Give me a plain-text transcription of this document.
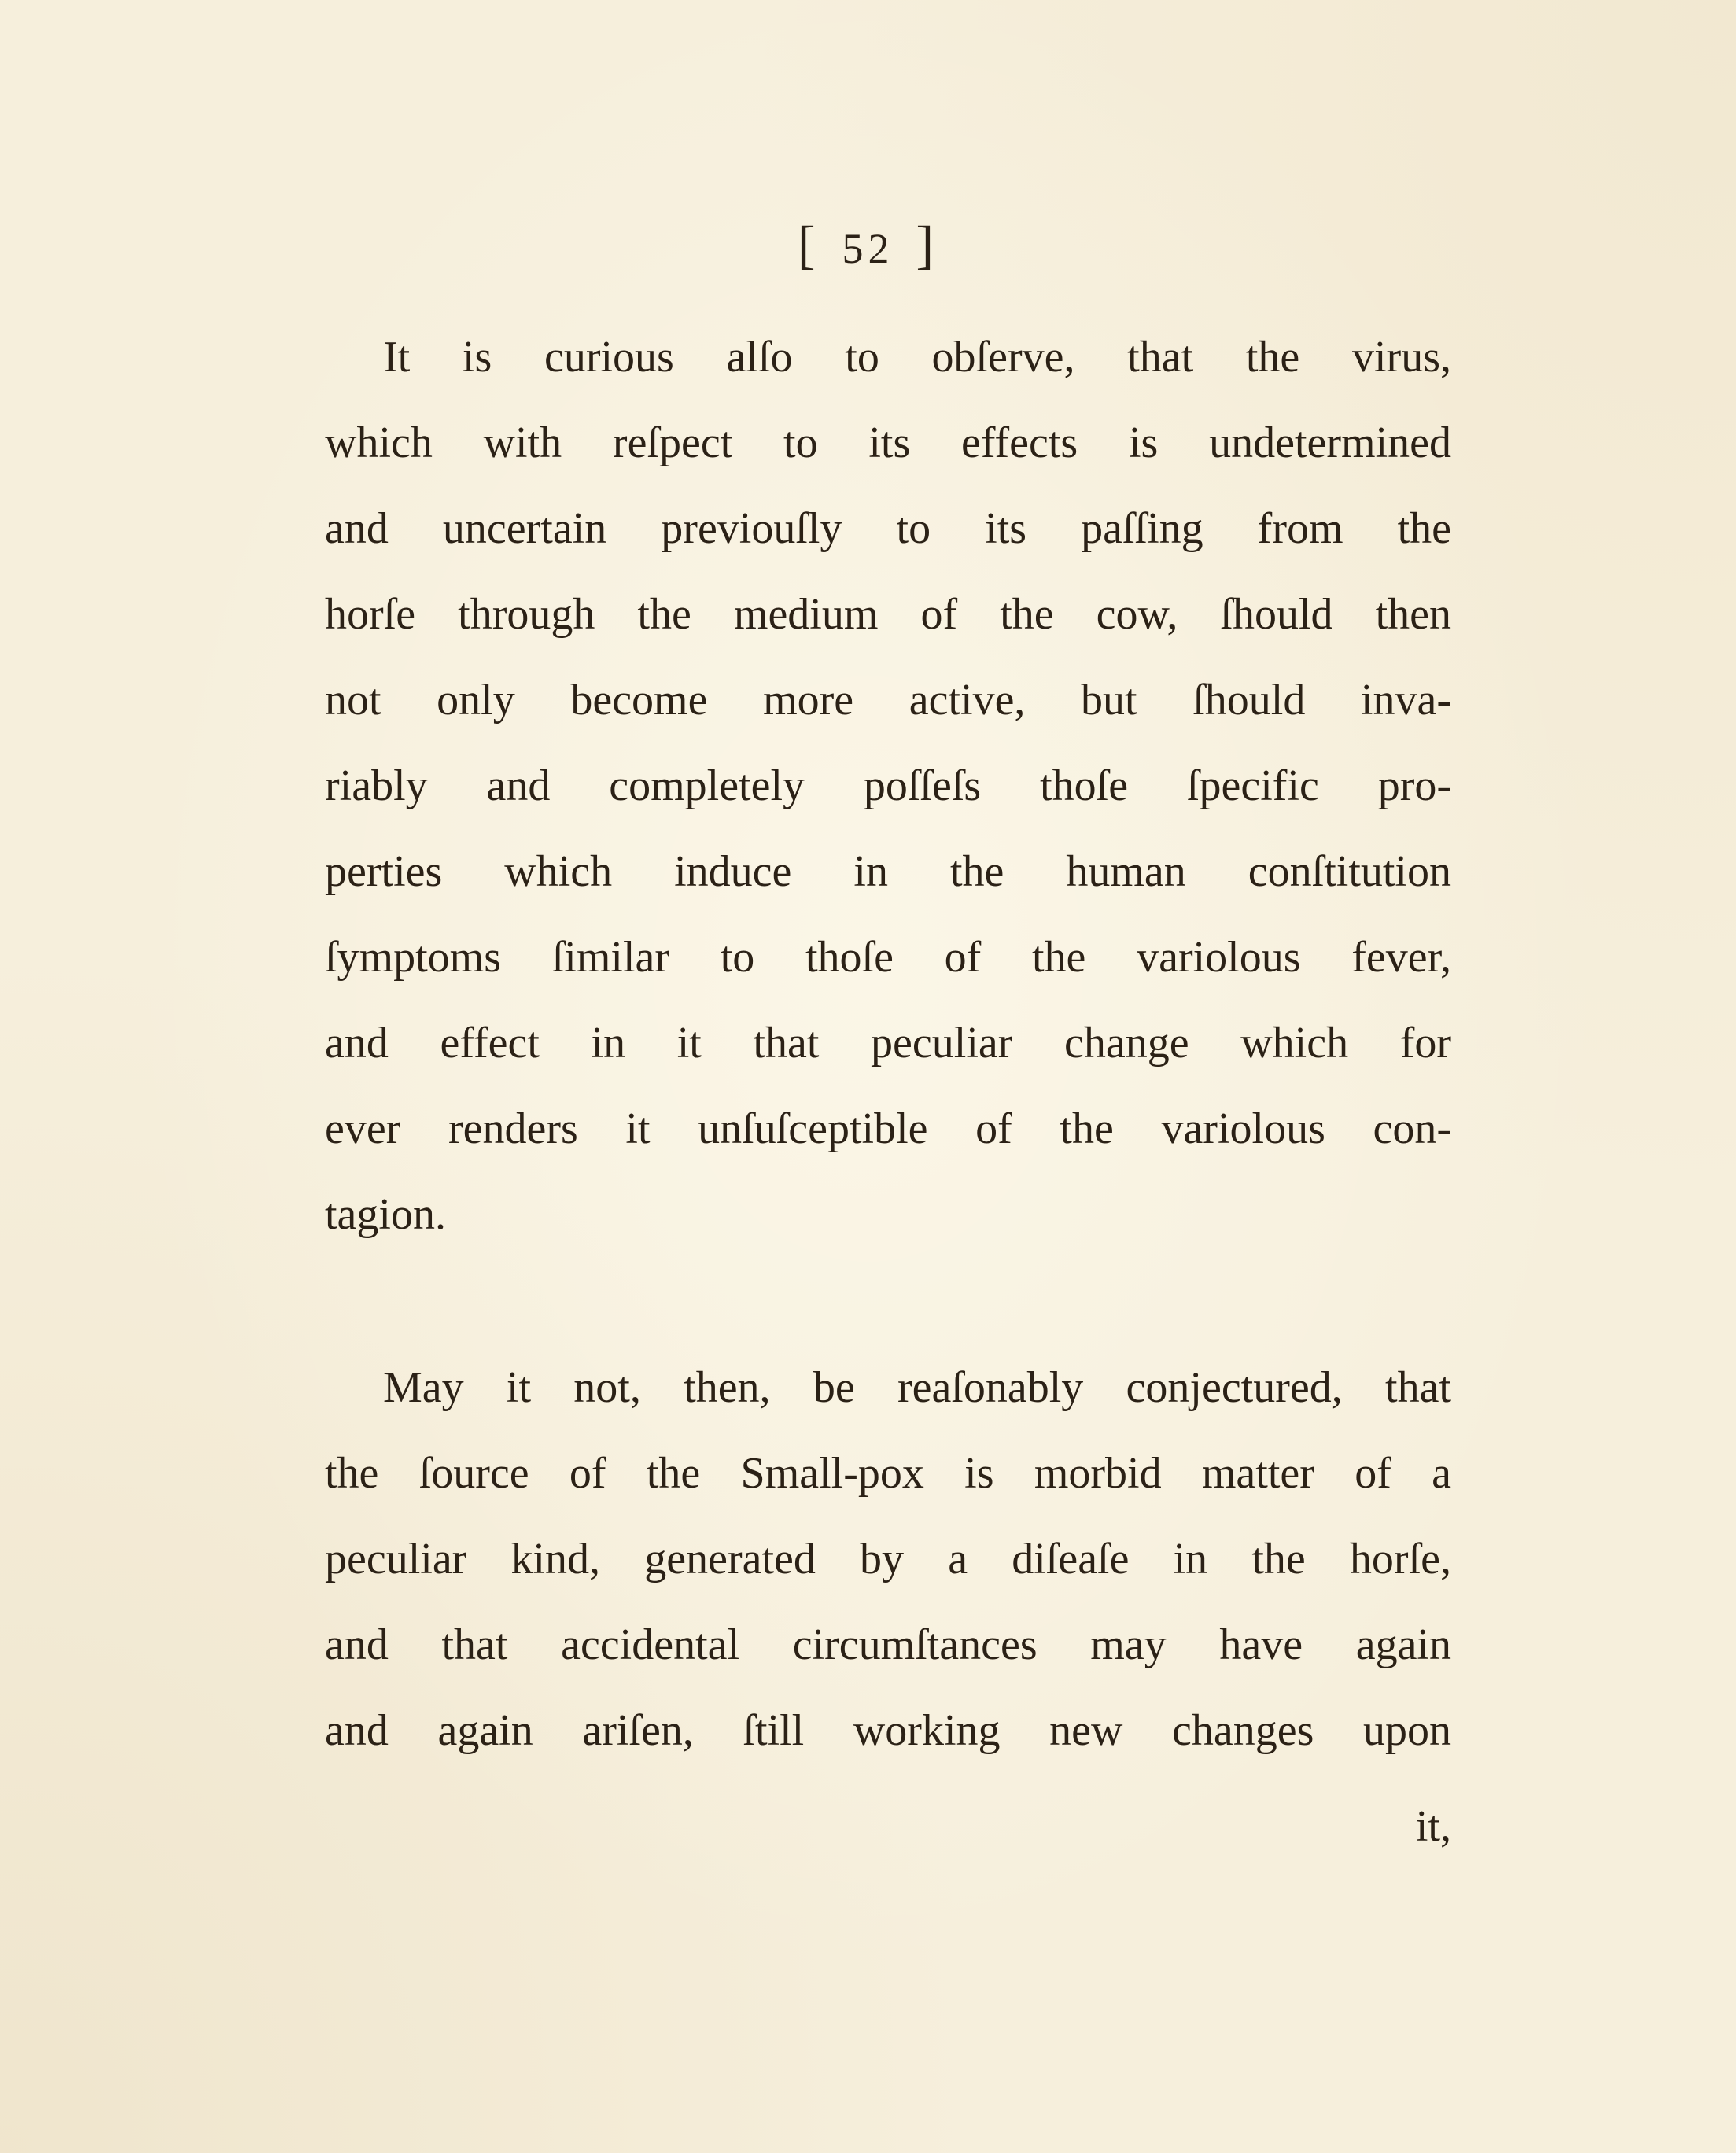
[ 52 ]
It is curious alſo to obſerve, that the virus,
which with reſpect to its effects is undetermined
and uncertain previouſly to its paſſing from the
horſe through the medium of the cow, ſhould then
not only become more active, but ſhould inva-
riably and completely poſſeſs thoſe ſpecific pro-
perties which induce in the human conſtitution
ſymptoms ſimilar to thoſe of the variolous fever,
and effect in it that peculiar change which for
ever renders it unſuſceptible of the variolous con-
tagion.
May it not, then, be reaſonably conjectured, that
the ſource of the Small-pox is morbid matter of a
peculiar kind, generated by a diſeaſe in the horſe,
and that accidental circumſtances may have again
and again ariſen, ſtill working new changes upon
it,
